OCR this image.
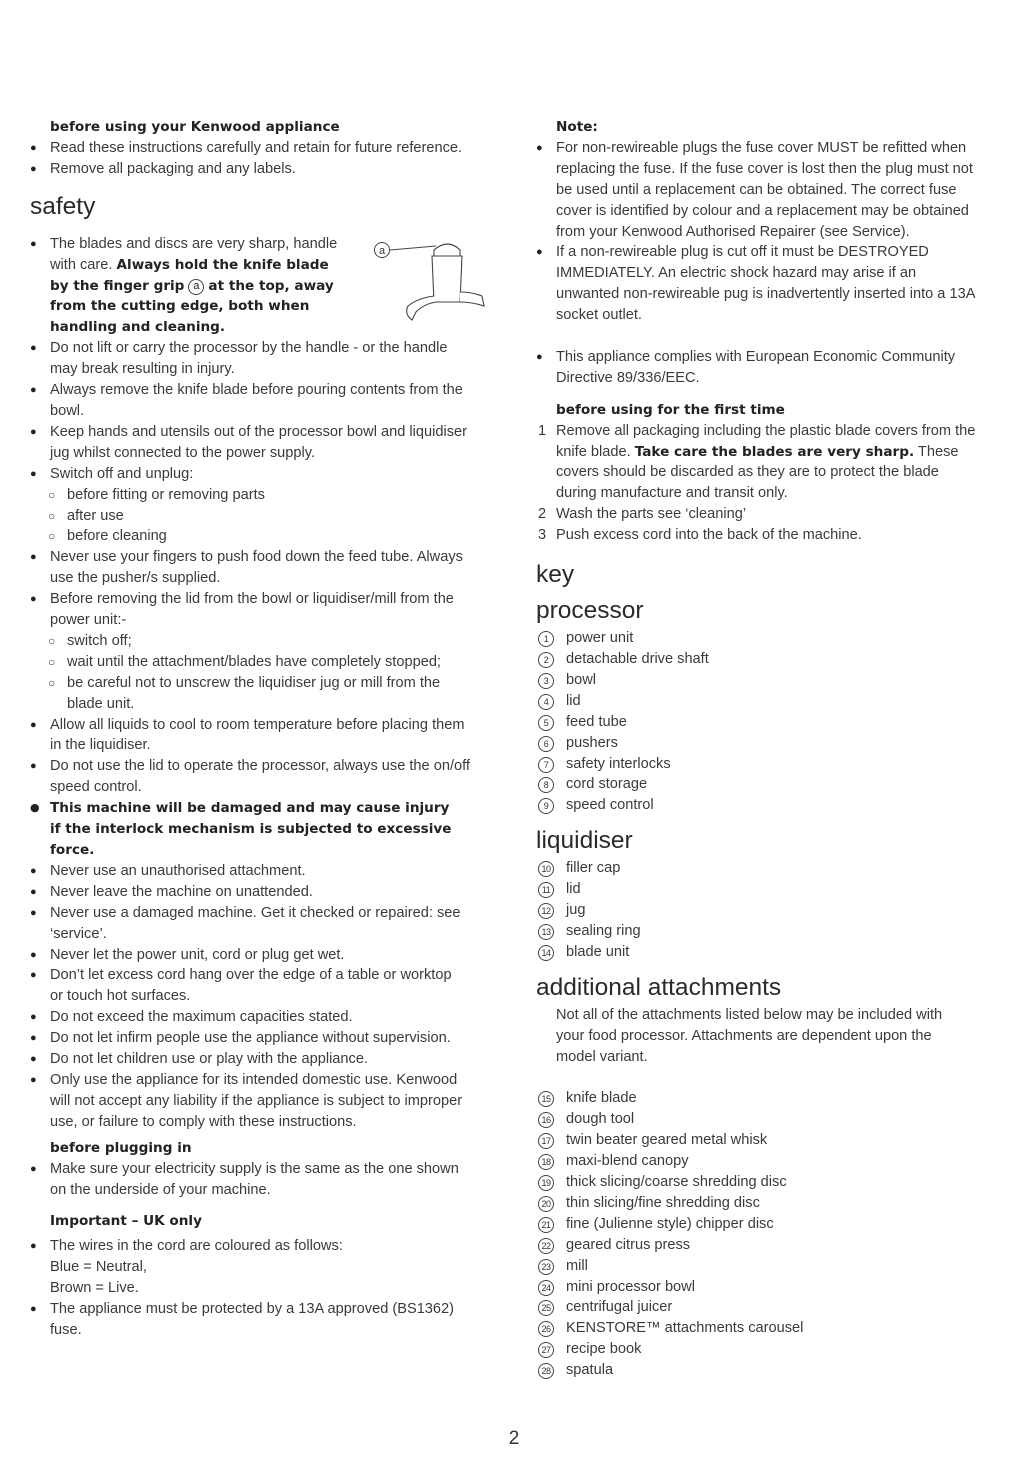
before using your Kenwood appliance
● Read these instructions carefully and retain for future reference.
● Remove all packaging and any labels.
safety
● The blades and discs are very sharp, handle
with care. Always hold the knife blade
by the finger grip a at the top, away
from the cutting edge, both when
handling and cleaning.
● Do not lift or carry the processor by the handle - or the handle
may break resulting in injury.
● Always remove the knife blade before pouring contents from the
bowl.
● Keep hands and utensils out of the processor bowl and liquidiser
jug whilst connected to the power supply.
● Switch off and unplug:
○ before fitting or removing parts
○ after use
○ before cleaning
● Never use your fingers to push food down the feed tube. Always
use the pusher/s supplied.
● Before removing the lid from the bowl or liquidiser/mill from the
power unit:-
○ switch off;
○ wait until the attachment/blades have completely stopped;
○ be careful not to unscrew the liquidiser jug or mill from the
blade unit.
● Allow all liquids to cool to room temperature before placing them
in the liquidiser.
● Do not use the lid to operate the processor, always use the on/off
speed control.
● This machine will be damaged and may cause injury
if the interlock mechanism is subjected to excessive
force.
● Never use an unauthorised attachment.
● Never leave the machine on unattended.
● Never use a damaged machine. Get it checked or repaired: see
‘service’.
● Never let the power unit, cord or plug get wet.
● Don’t let excess cord hang over the edge of a table or worktop
or touch hot surfaces.
● Do not exceed the maximum capacities stated.
● Do not let infirm people use the appliance without supervision.
● Do not let children use or play with the appliance.
● Only use the appliance for its intended domestic use. Kenwood
will not accept any liability if the appliance is subject to improper
use, or failure to comply with these instructions.
before plugging in
● Make sure your electricity supply is the same as the one shown
on the underside of your machine.
Important – UK only
● The wires in the cord are coloured as follows:
Blue = Neutral,
Brown = Live.
● The appliance must be protected by a 13A approved (BS1362)
fuse.
a
Note:
● For non-rewireable plugs the fuse cover MUST be refitted when
replacing the fuse. If the fuse cover is lost then the plug must not
be used until a replacement can be obtained. The correct fuse
cover is identified by colour and a replacement may be obtained
from your Kenwood Authorised Repairer (see Service).
● If a non-rewireable plug is cut off it must be DESTROYED
IMMEDIATELY. An electric shock hazard may arise if an
unwanted non-rewireable pug is inadvertently inserted into a 13A
socket outlet.
● This appliance complies with European Economic Community
Directive 89/336/EEC.
before using for the first time
1 Remove all packaging including the plastic blade covers from the
knife blade. Take care the blades are very sharp. These
covers should be discarded as they are to protect the blade
during manufacture and transit only.
2 Wash the parts see ‘cleaning’
3 Push excess cord into the back of the machine.
key
processor
1	power unit
2	detachable drive shaft
3	bowl
4	lid
5	feed tube
6	pushers
7	safety interlocks
8	cord storage
9	speed control
liquidiser
10 filler cap
11 lid
12 jug
13 sealing ring
14 blade unit
additional attachments
Not all of the attachments listed below may be included with
your food processor. Attachments are dependent upon the
model variant.
15 knife blade
16 dough tool
17 twin beater geared metal whisk
18 maxi-blend canopy
19 thick slicing/coarse shredding disc
20 thin slicing/fine shredding disc
21 fine (Julienne style) chipper disc
22 geared citrus press
23 mill
24 mini processor bowl
25 centrifugal juicer
26 KENSTORE™ attachments carousel
27 recipe book
28 spatula
2
